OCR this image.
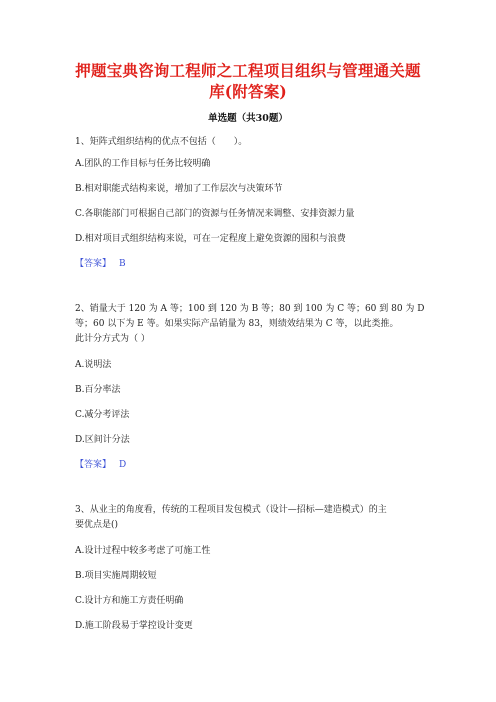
押题宝典咨询工程师之工程项目组织与管理通关题
库(附答案)
单选题（共30题）
1、矩阵式组织结构的优点不包括（　　）。
A.团队的工作目标与任务比较明确
B.相对职能式结构来说，增加了工作层次与决策环节
C.各职能部门可根据自己部门的资源与任务情况来调整、安排资源力量
D.相对项目式组织结构来说，可在一定程度上避免资源的囤积与浪费
【答案】 B
2、销量大于 120 为 A 等；100 到 120 为 B 等；80 到 100 为 C 等；60 到 80 为 D
等；60 以下为 E 等。如果实际产品销量为 83，则绩效结果为 C 等，以此类推。
此计分方式为（ ）
A.说明法
B.百分率法
C.减分考评法
D.区间计分法
【答案】 D
3、从业主的角度看，传统的工程项目发包模式（设计—招标—建造模式）的主
要优点是()
A.设计过程中较多考虑了可施工性
B.项目实施周期较短
C.设计方和施工方责任明确
D.施工阶段易于掌控设计变更
